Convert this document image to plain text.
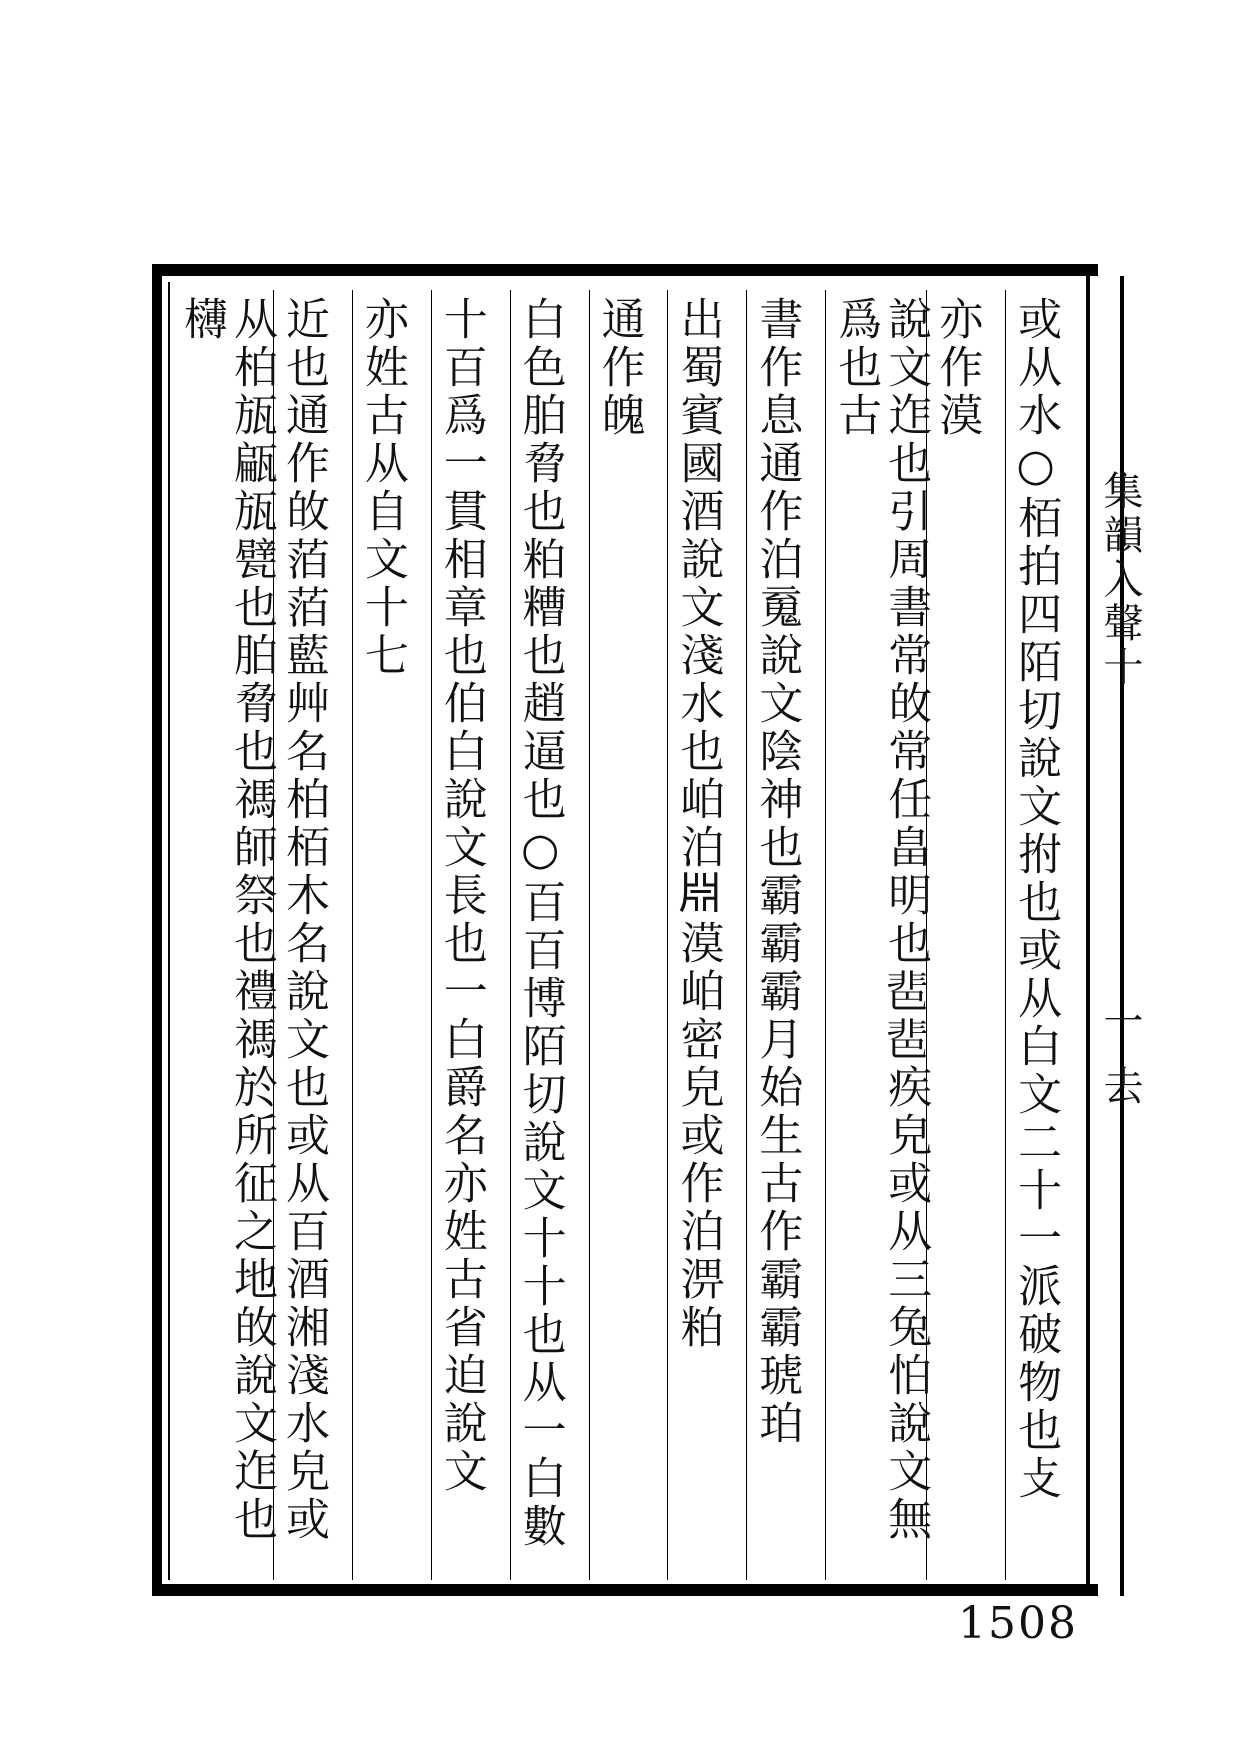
集韻入聲十
一 去
或从水○栢拍四陌切說文拊也或从白文二十一派破物也攴
亦作漠
說文迮也引周書常敀常任畠明也𩇯𩇯疾皃或从三兔怕說文無爲也古
書作息通作泊䰟說文陰神也霸霸霸月始生古作霸霸琥珀
出蜀賓國酒說文淺水也岶泊𣶒漠岶密皃或作泊淠粕
通作魄
白色胉脅也粕糟也趙逼也○百百博陌切說文十十也从一白數
十百爲一貫相章也伯白說文長也一白爵名亦姓古省迫說文
亦姓古从自文十七
近也通作敀萡萡藍艸名柏栢木名說文也或从百酒湘淺水皃或
从柏瓬甂瓬甓也胉脅也禡師祭也禮禡於所征之地敀說文迮也欂
1508
